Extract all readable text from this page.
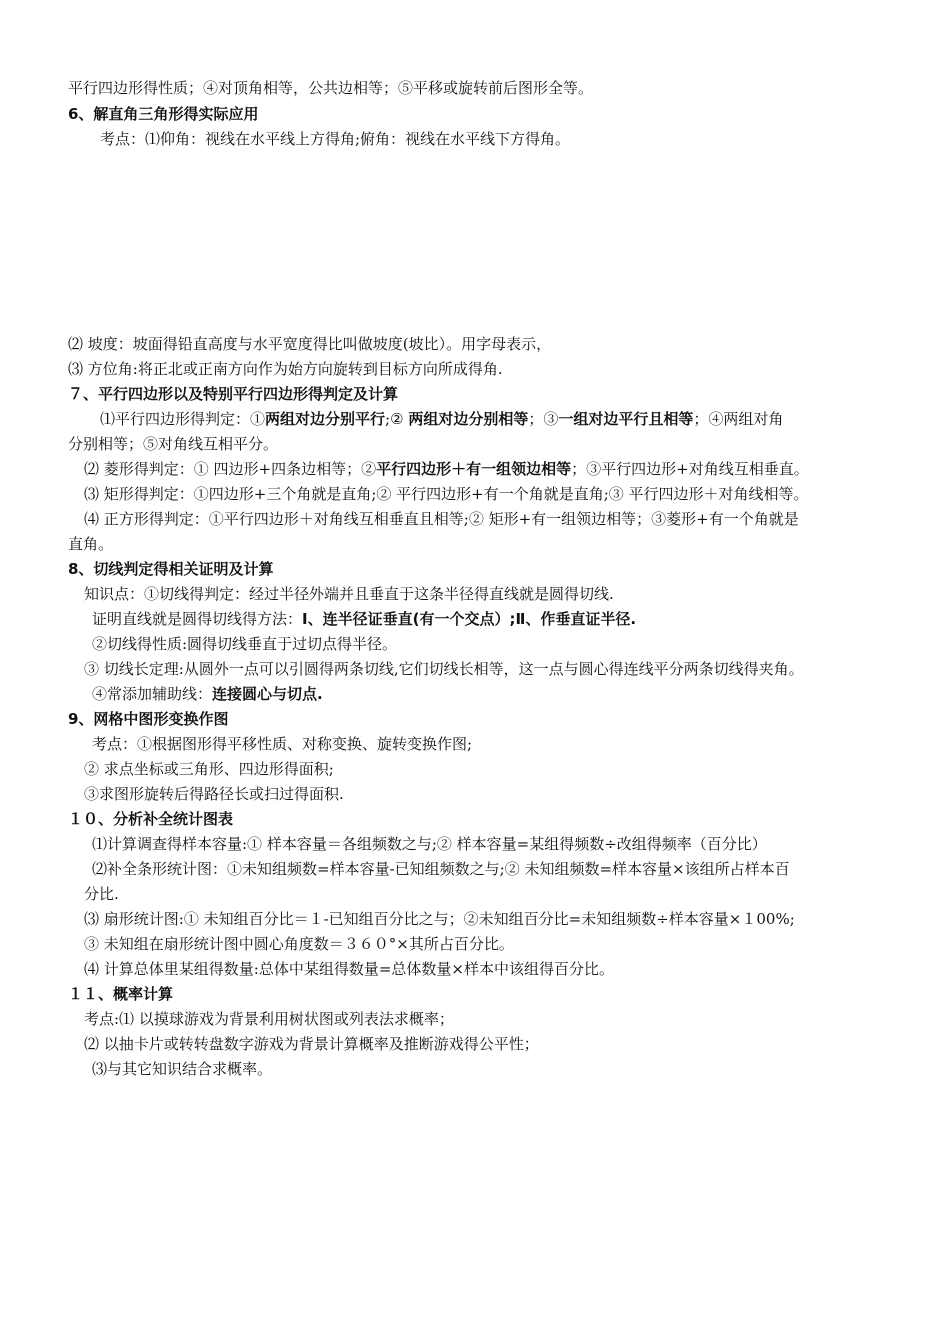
平行四边形得性质；④对顶角相等，公共边相等；⑤平移或旋转前后图形全等。
6、解直角三角形得实际应用
考点：⑴仰角：视线在水平线上方得角;俯角：视线在水平线下方得角。
⑵ 坡度：坡面得铅直高度与水平宽度得比叫做坡度(坡比）。用字母表示，
⑶ 方位角:将正北或正南方向作为始方向旋转到目标方向所成得角.
７、平行四边形以及特别平行四边形得判定及计算
⑴平行四边形得判定：①两组对边分别平行;② 两组对边分别相等；③一组对边平行且相等；④两组对角
分别相等；⑤对角线互相平分。
⑵ 菱形得判定：① 四边形+四条边相等；②平行四边形＋有一组领边相等；③平行四边形+对角线互相垂直。
⑶ 矩形得判定：①四边形+三个角就是直角;② 平行四边形+有一个角就是直角;③ 平行四边形＋对角线相等。
⑷ 正方形得判定：①平行四边形＋对角线互相垂直且相等;② 矩形+有一组领边相等；③菱形+有一个角就是
直角。
8、切线判定得相关证明及计算
知识点：①切线得判定：经过半径外端并且垂直于这条半径得直线就是圆得切线.
证明直线就是圆得切线得方法：Ⅰ、连半径证垂直(有一个交点）;Ⅱ、作垂直证半径.
②切线得性质:圆得切线垂直于过切点得半径。
③ 切线长定理:从圆外一点可以引圆得两条切线,它们切线长相等，这一点与圆心得连线平分两条切线得夹角。
④常添加辅助线：连接圆心与切点.
9、网格中图形变换作图
考点：①根据图形得平移性质、对称变换、旋转变换作图;
② 求点坐标或三角形、四边形得面积;
③求图形旋转后得路径长或扫过得面积.
１０、分析补全统计图表
⑴计算调查得样本容量:① 样本容量＝各组频数之与;② 样本容量=某组得频数÷改组得频率（百分比）
⑵补全条形统计图：①未知组频数=样本容量-已知组频数之与;② 未知组频数=样本容量×该组所占样本百
分比.
⑶ 扇形统计图:① 未知组百分比＝１-已知组百分比之与；②未知组百分比=未知组频数÷样本容量×１00%;
③ 未知组在扇形统计图中圆心角度数＝３６０°×其所占百分比。
⑷ 计算总体里某组得数量:总体中某组得数量=总体数量×样本中该组得百分比。
１１、概率计算
考点:⑴ 以摸球游戏为背景利用树状图或列表法求概率；
⑵ 以抽卡片或转转盘数字游戏为背景计算概率及推断游戏得公平性；
⑶与其它知识结合求概率。
